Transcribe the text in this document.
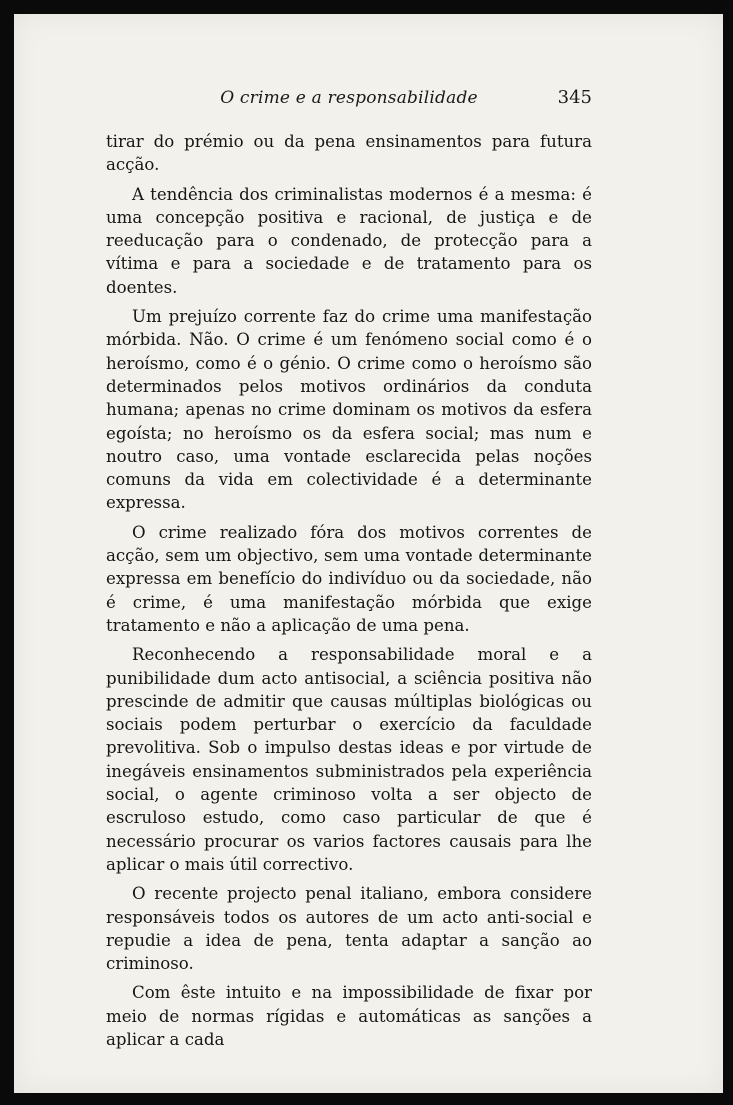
O crime e a responsabilidade	345

tirar do prémio ou da pena ensinamentos para futura acção.

A tendência dos criminalistas modernos é a mesma: é uma concepção positiva e racional, de justiça e de reeducação para o condenado, de protecção para a vítima e para a sociedade e de tratamento para os doentes.

Um prejuízo corrente faz do crime uma manifestação mórbida. Não. O crime é um fenómeno social como é o heroísmo, como é o génio. O crime como o heroísmo são determinados pelos motivos ordinários da conduta humana; apenas no crime dominam os motivos da esfera egoísta; no heroísmo os da esfera social; mas num e noutro caso, uma vontade esclarecida pelas noções comuns da vida em colectividade é a determinante expressa.

O crime realizado fóra dos motivos correntes de acção, sem um objectivo, sem uma vontade determinante expressa em benefício do indivíduo ou da sociedade, não é crime, é uma manifestação mórbida que exige tratamento e não a aplicação de uma pena.

Reconhecendo a responsabilidade moral e a punibilidade dum acto antisocial, a sciência positiva não prescinde de admitir que causas múltiplas biológicas ou sociais podem perturbar o exercício da faculdade prevolitiva. Sob o impulso destas ideas e por virtude de inegáveis ensinamentos subministrados pela experiência social, o agente criminoso volta a ser objecto de escruloso estudo, como caso particular de que é necessário procurar os varios factores causais para lhe aplicar o mais útil correctivo.

O recente projecto penal italiano, embora considere responsáveis todos os autores de um acto anti-social e repudie a idea de pena, tenta adaptar a sanção ao criminoso.

Com êste intuito e na impossibilidade de fixar por meio de normas rígidas e automáticas as sanções a aplicar a cada
